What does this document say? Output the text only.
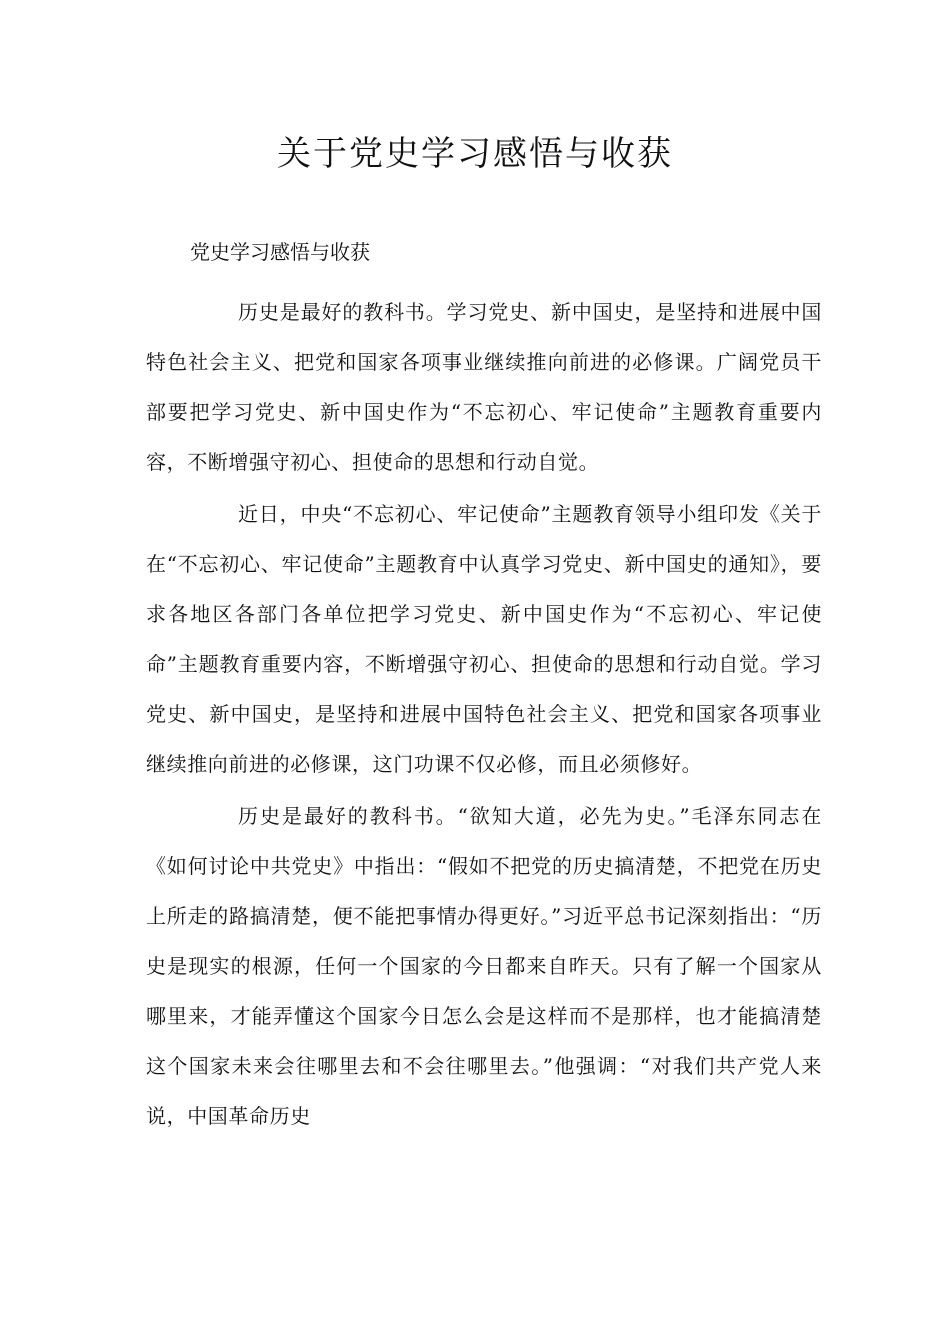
关于党史学习感悟与收获

党史学习感悟与收获

历史是最好的教科书。学习党史、新中国史，是坚持和进展中国特色社会主义、把党和国家各项事业继续推向前进的必修课。广阔党员干部要把学习党史、新中国史作为“不忘初心、牢记使命”主题教育重要内容，不断增强守初心、担使命的思想和行动自觉。

近日，中央“不忘初心、牢记使命”主题教育领导小组印发《关于在“不忘初心、牢记使命”主题教育中认真学习党史、新中国史的通知》，要求各地区各部门各单位把学习党史、新中国史作为“不忘初心、牢记使命”主题教育重要内容，不断增强守初心、担使命的思想和行动自觉。学习党史、新中国史，是坚持和进展中国特色社会主义、把党和国家各项事业继续推向前进的必修课，这门功课不仅必修，而且必须修好。

历史是最好的教科书。“欲知大道，必先为史。”毛泽东同志在《如何讨论中共党史》中指出：“假如不把党的历史搞清楚，不把党在历史上所走的路搞清楚，便不能把事情办得更好。”习近平总书记深刻指出：“历史是现实的根源，任何一个国家的今日都来自昨天。只有了解一个国家从哪里来，才能弄懂这个国家今日怎么会是这样而不是那样，也才能搞清楚这个国家未来会往哪里去和不会往哪里去。”他强调：“对我们共产党人来说，中国革命历史
